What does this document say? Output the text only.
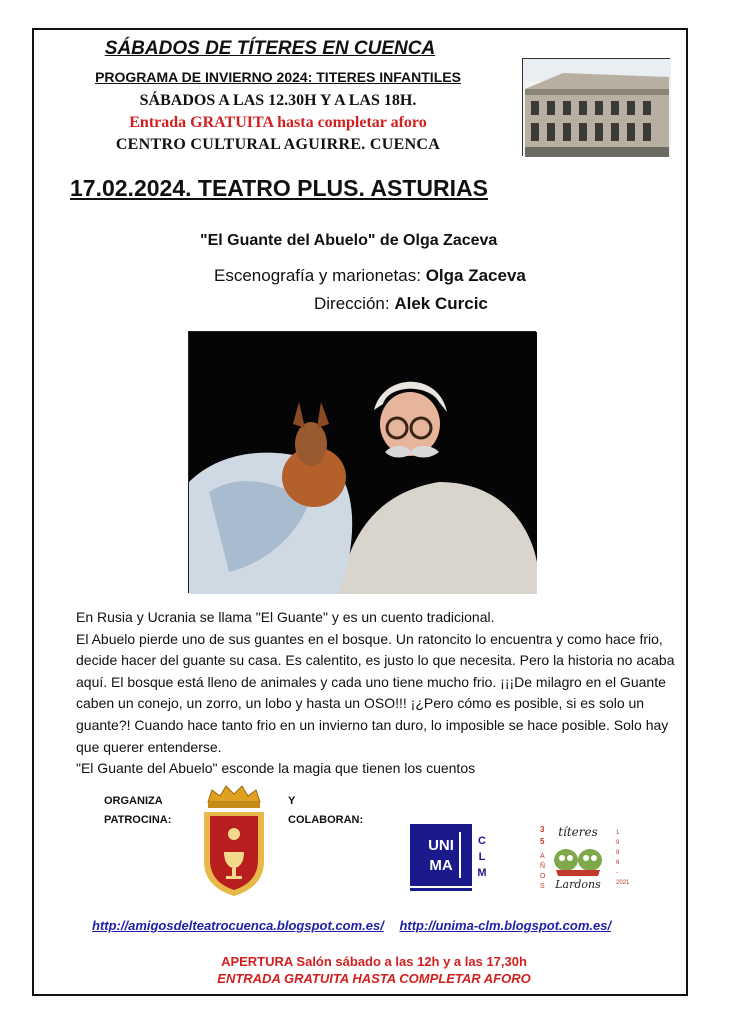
SÁBADOS DE TÍTERES EN CUENCA
PROGRAMA DE INVIERNO 2024: TITERES INFANTILES
SÁBADOS A LAS 12.30H Y A LAS 18H.
Entrada GRATUITA hasta completar aforo
CENTRO CULTURAL AGUIRRE. CUENCA
17.02.2024. TEATRO PLUS. ASTURIAS
"El Guante del Abuelo" de Olga Zaceva
Escenografía y marionetas: Olga Zaceva
Dirección: Alek Curcic

En Rusia y Ucrania se llama "El Guante" y es un cuento tradicional.

El Abuelo pierde uno de sus guantes en el bosque. Un ratoncito lo encuentra y como hace frio, decide hacer del guante su casa. Es calentito, es justo lo que necesita. Pero la historia no acaba aquí. El bosque está lleno de animales y cada uno tiene mucho frio. ¡¡¡De milagro en el Guante caben un conejo, un zorro, un lobo y hasta un OSO!!! ¡¿Pero cómo es posible, si es solo un guante?! Cuando hace tanto frio en un invierno tan duro, lo imposible se hace posible. Solo hay que querer entenderse.

"El Guante del Abuelo" esconde la magia que tienen los cuentos

ORGANIZA
PATROCINA:
Y
COLABORAN:
UNI
MA
C
L
M
3
5
A
Ñ
O
S
títeres
Lardons
1
9
8
6
-
2021
http://amigosdelteatrocuenca.blogspot.com.es/ http://unima-clm.blogspot.com.es/
APERTURA Salón sábado a las 12h y a las 17,30h
ENTRADA GRATUITA HASTA COMPLETAR AFORO
